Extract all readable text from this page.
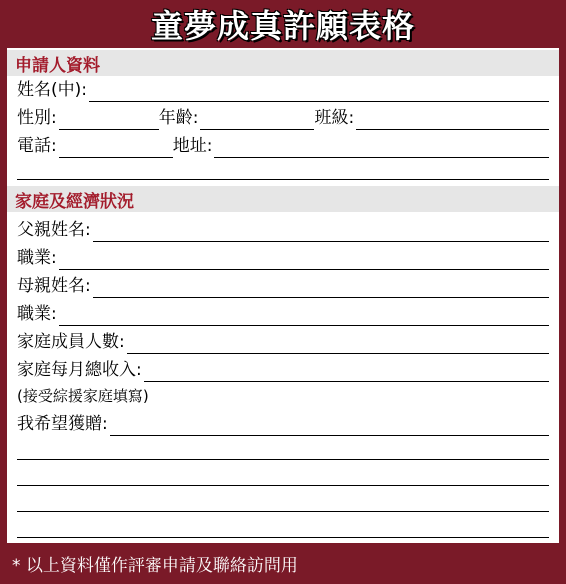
童夢成真許願表格
申請人資料
姓名(中):
性別:	年齡:	班級:
電話:	地址:
家庭及經濟狀況
父親姓名:
職業:
母親姓名:
職業:
家庭成員人數:
家庭每月總收入:
(接受綜援家庭填寫)
我希望獲贈:
* 以上資料僅作評審申請及聯絡訪問用
